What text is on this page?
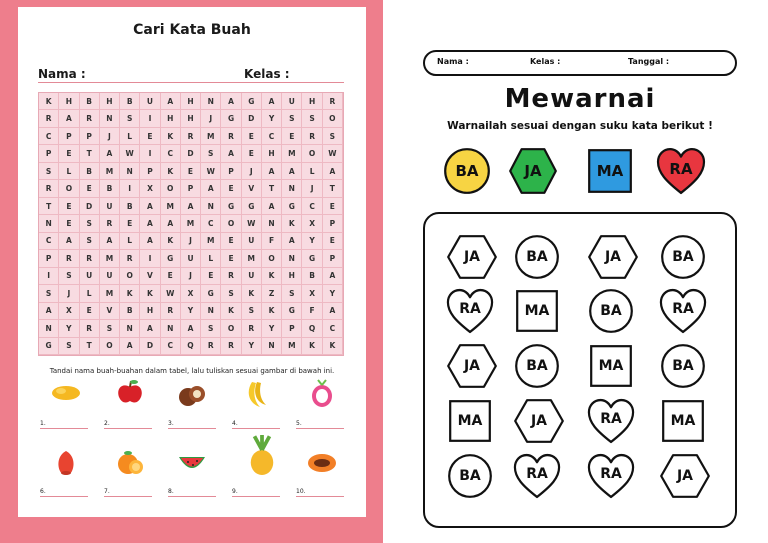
Cari Kata Buah
Nama :	Kelas :
K	H	B	H	B	U	A	H	N	A	G	A	U	H	R
R	A	R	N	S	I	H	H	J	G	D	Y	S	S	O
C	P	P	J	L	E	K	R	M	R	E	C	E	R	S
P	E	T	A	W	I	C	D	S	A	E	H	M	O	W
S	L	B	M	N	P	K	E	W	P	J	A	A	L	A
R	O	E	B	I	X	O	P	A	E	V	T	N	J	T
T	E	D	U	B	A	M	A	N	G	G	A	G	C	E
N	E	S	R	E	A	A	M	C	O	W	N	K	X	P
C	A	S	A	L	A	K	J	M	E	U	F	A	Y	E
P	R	R	M	R	I	G	U	L	E	M	O	N	G	P
I	S	U	U	O	V	E	J	E	R	U	K	H	B	A
S	J	L	M	K	K	W	X	G	S	K	Z	S	X	Y
A	X	E	V	B	H	R	Y	N	K	S	K	G	F	A
N	Y	R	S	N	A	N	A	S	O	R	Y	P	Q	C
G	S	T	O	A	D	C	Q	R	R	Y	N	M	K	K
Tandai nama buah-buahan dalam tabel, lalu tuliskan sesuai gambar di bawah ini.
1.	2.	3.	4.	5.
6.	7.	8.	9.	10.
Nama :	Kelas :	Tanggal :
Mewarnai
Warnailah sesuai dengan suku kata berikut !
BA	JA	MA	RA
JA	BA	JA	BA
RA	MA	BA	RA
JA	BA	MA	BA
MA	JA	RA	MA
BA	RA	RA	JA
